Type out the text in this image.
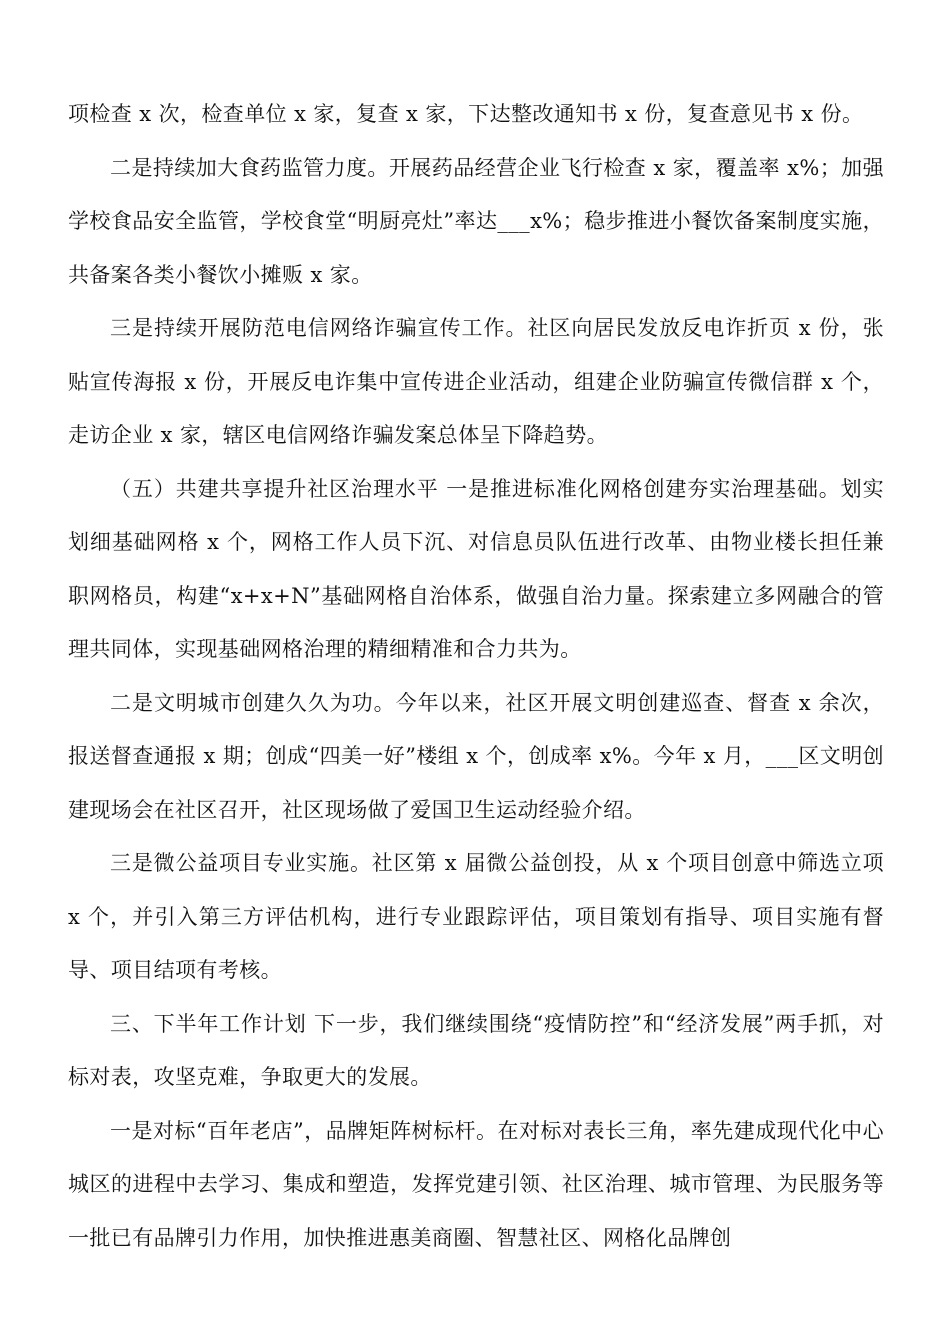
项检查 x 次，检查单位 x 家，复查 x 家，下达整改通知书 x 份，复查意见书 x 份。

二是持续加大食药监管力度。开展药品经营企业飞行检查 x 家，覆盖率 x%；加强学校食品安全监管，学校食堂“明厨亮灶”率达___x%；稳步推进小餐饮备案制度实施，共备案各类小餐饮小摊贩 x 家。

三是持续开展防范电信网络诈骗宣传工作。社区向居民发放反电诈折页 x 份，张贴宣传海报 x 份，开展反电诈集中宣传进企业活动，组建企业防骗宣传微信群 x 个，走访企业 x 家，辖区电信网络诈骗发案总体呈下降趋势。

（五）共建共享提升社区治理水平 一是推进标准化网格创建夯实治理基础。划实划细基础网格 x 个，网格工作人员下沉、对信息员队伍进行改革、由物业楼长担任兼职网格员，构建“x+x+N”基础网格自治体系，做强自治力量。探索建立多网融合的管理共同体，实现基础网格治理的精细精准和合力共为。

二是文明城市创建久久为功。今年以来，社区开展文明创建巡查、督查 x 余次，报送督查通报 x 期；创成“四美一好”楼组 x 个，创成率 x%。今年 x 月，___区文明创建现场会在社区召开，社区现场做了爱国卫生运动经验介绍。

三是微公益项目专业实施。社区第 x 届微公益创投，从 x 个项目创意中筛选立项 x 个，并引入第三方评估机构，进行专业跟踪评估，项目策划有指导、项目实施有督导、项目结项有考核。

三、下半年工作计划 下一步，我们继续围绕“疫情防控”和“经济发展”两手抓，对标对表，攻坚克难，争取更大的发展。

一是对标“百年老店”，品牌矩阵树标杆。在对标对表长三角，率先建成现代化中心城区的进程中去学习、集成和塑造，发挥党建引领、社区治理、城市管理、为民服务等一批已有品牌引力作用，加快推进惠美商圈、智慧社区、网格化品牌创
